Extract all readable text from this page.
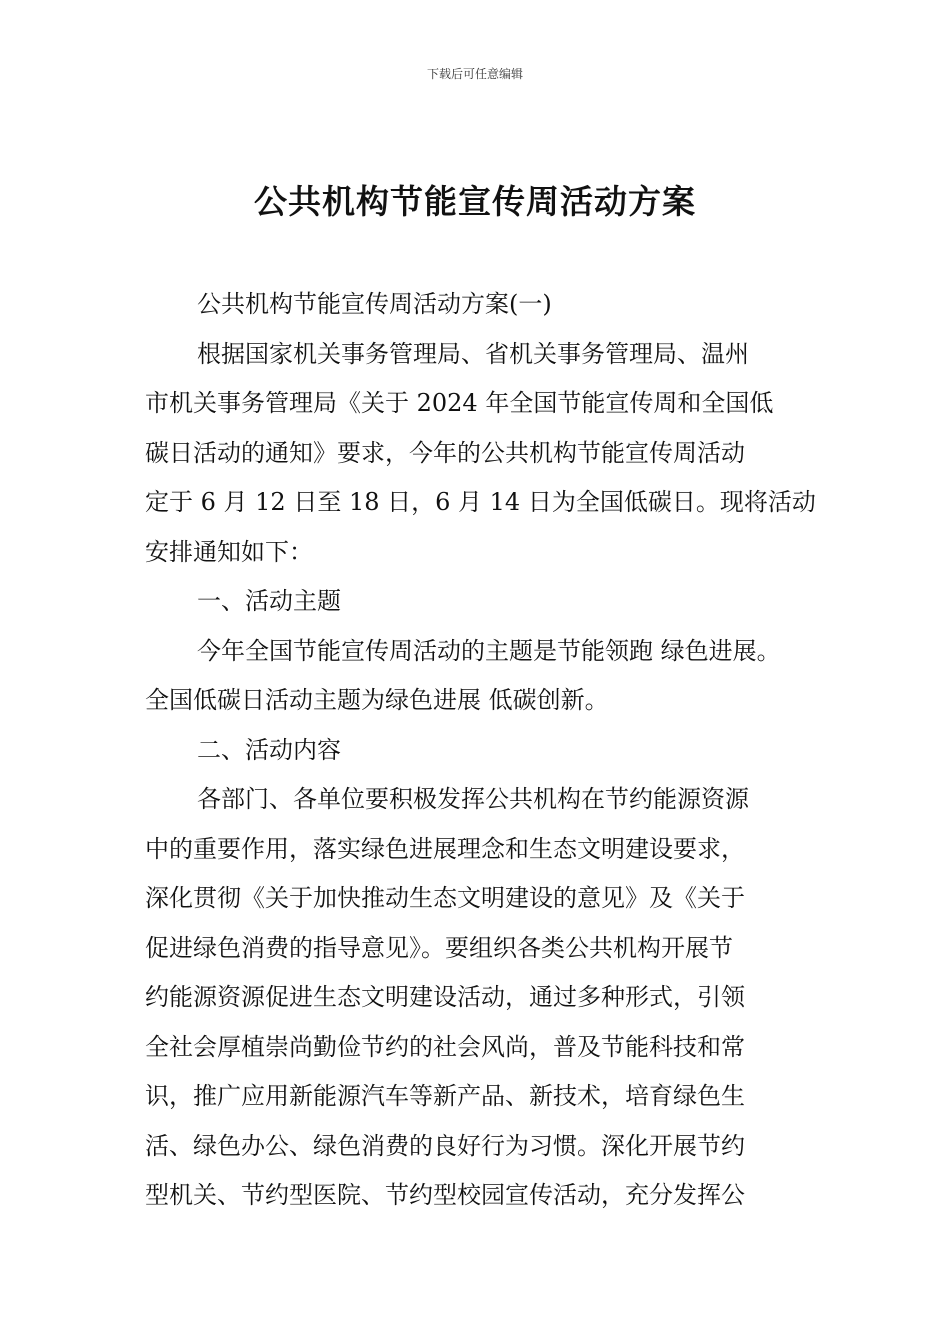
下载后可任意编辑
公共机构节能宣传周活动方案
公共机构节能宣传周活动方案(一)
根据国家机关事务管理局、省机关事务管理局、温州
市机关事务管理局《关于 2024 年全国节能宣传周和全国低
碳日活动的通知》要求，今年的公共机构节能宣传周活动
定于 6 月 12 日至 18 日，6 月 14 日为全国低碳日。现将活动
安排通知如下：
一、活动主题
今年全国节能宣传周活动的主题是节能领跑 绿色进展。
全国低碳日活动主题为绿色进展 低碳创新。
二、活动内容
各部门、各单位要积极发挥公共机构在节约能源资源
中的重要作用，落实绿色进展理念和生态文明建设要求，
深化贯彻《关于加快推动生态文明建设的意见》及《关于
促进绿色消费的指导意见》。要组织各类公共机构开展节
约能源资源促进生态文明建设活动，通过多种形式，引领
全社会厚植崇尚勤俭节约的社会风尚，普及节能科技和常
识，推广应用新能源汽车等新产品、新技术，培育绿色生
活、绿色办公、绿色消费的良好行为习惯。深化开展节约
型机关、节约型医院、节约型校园宣传活动，充分发挥公
